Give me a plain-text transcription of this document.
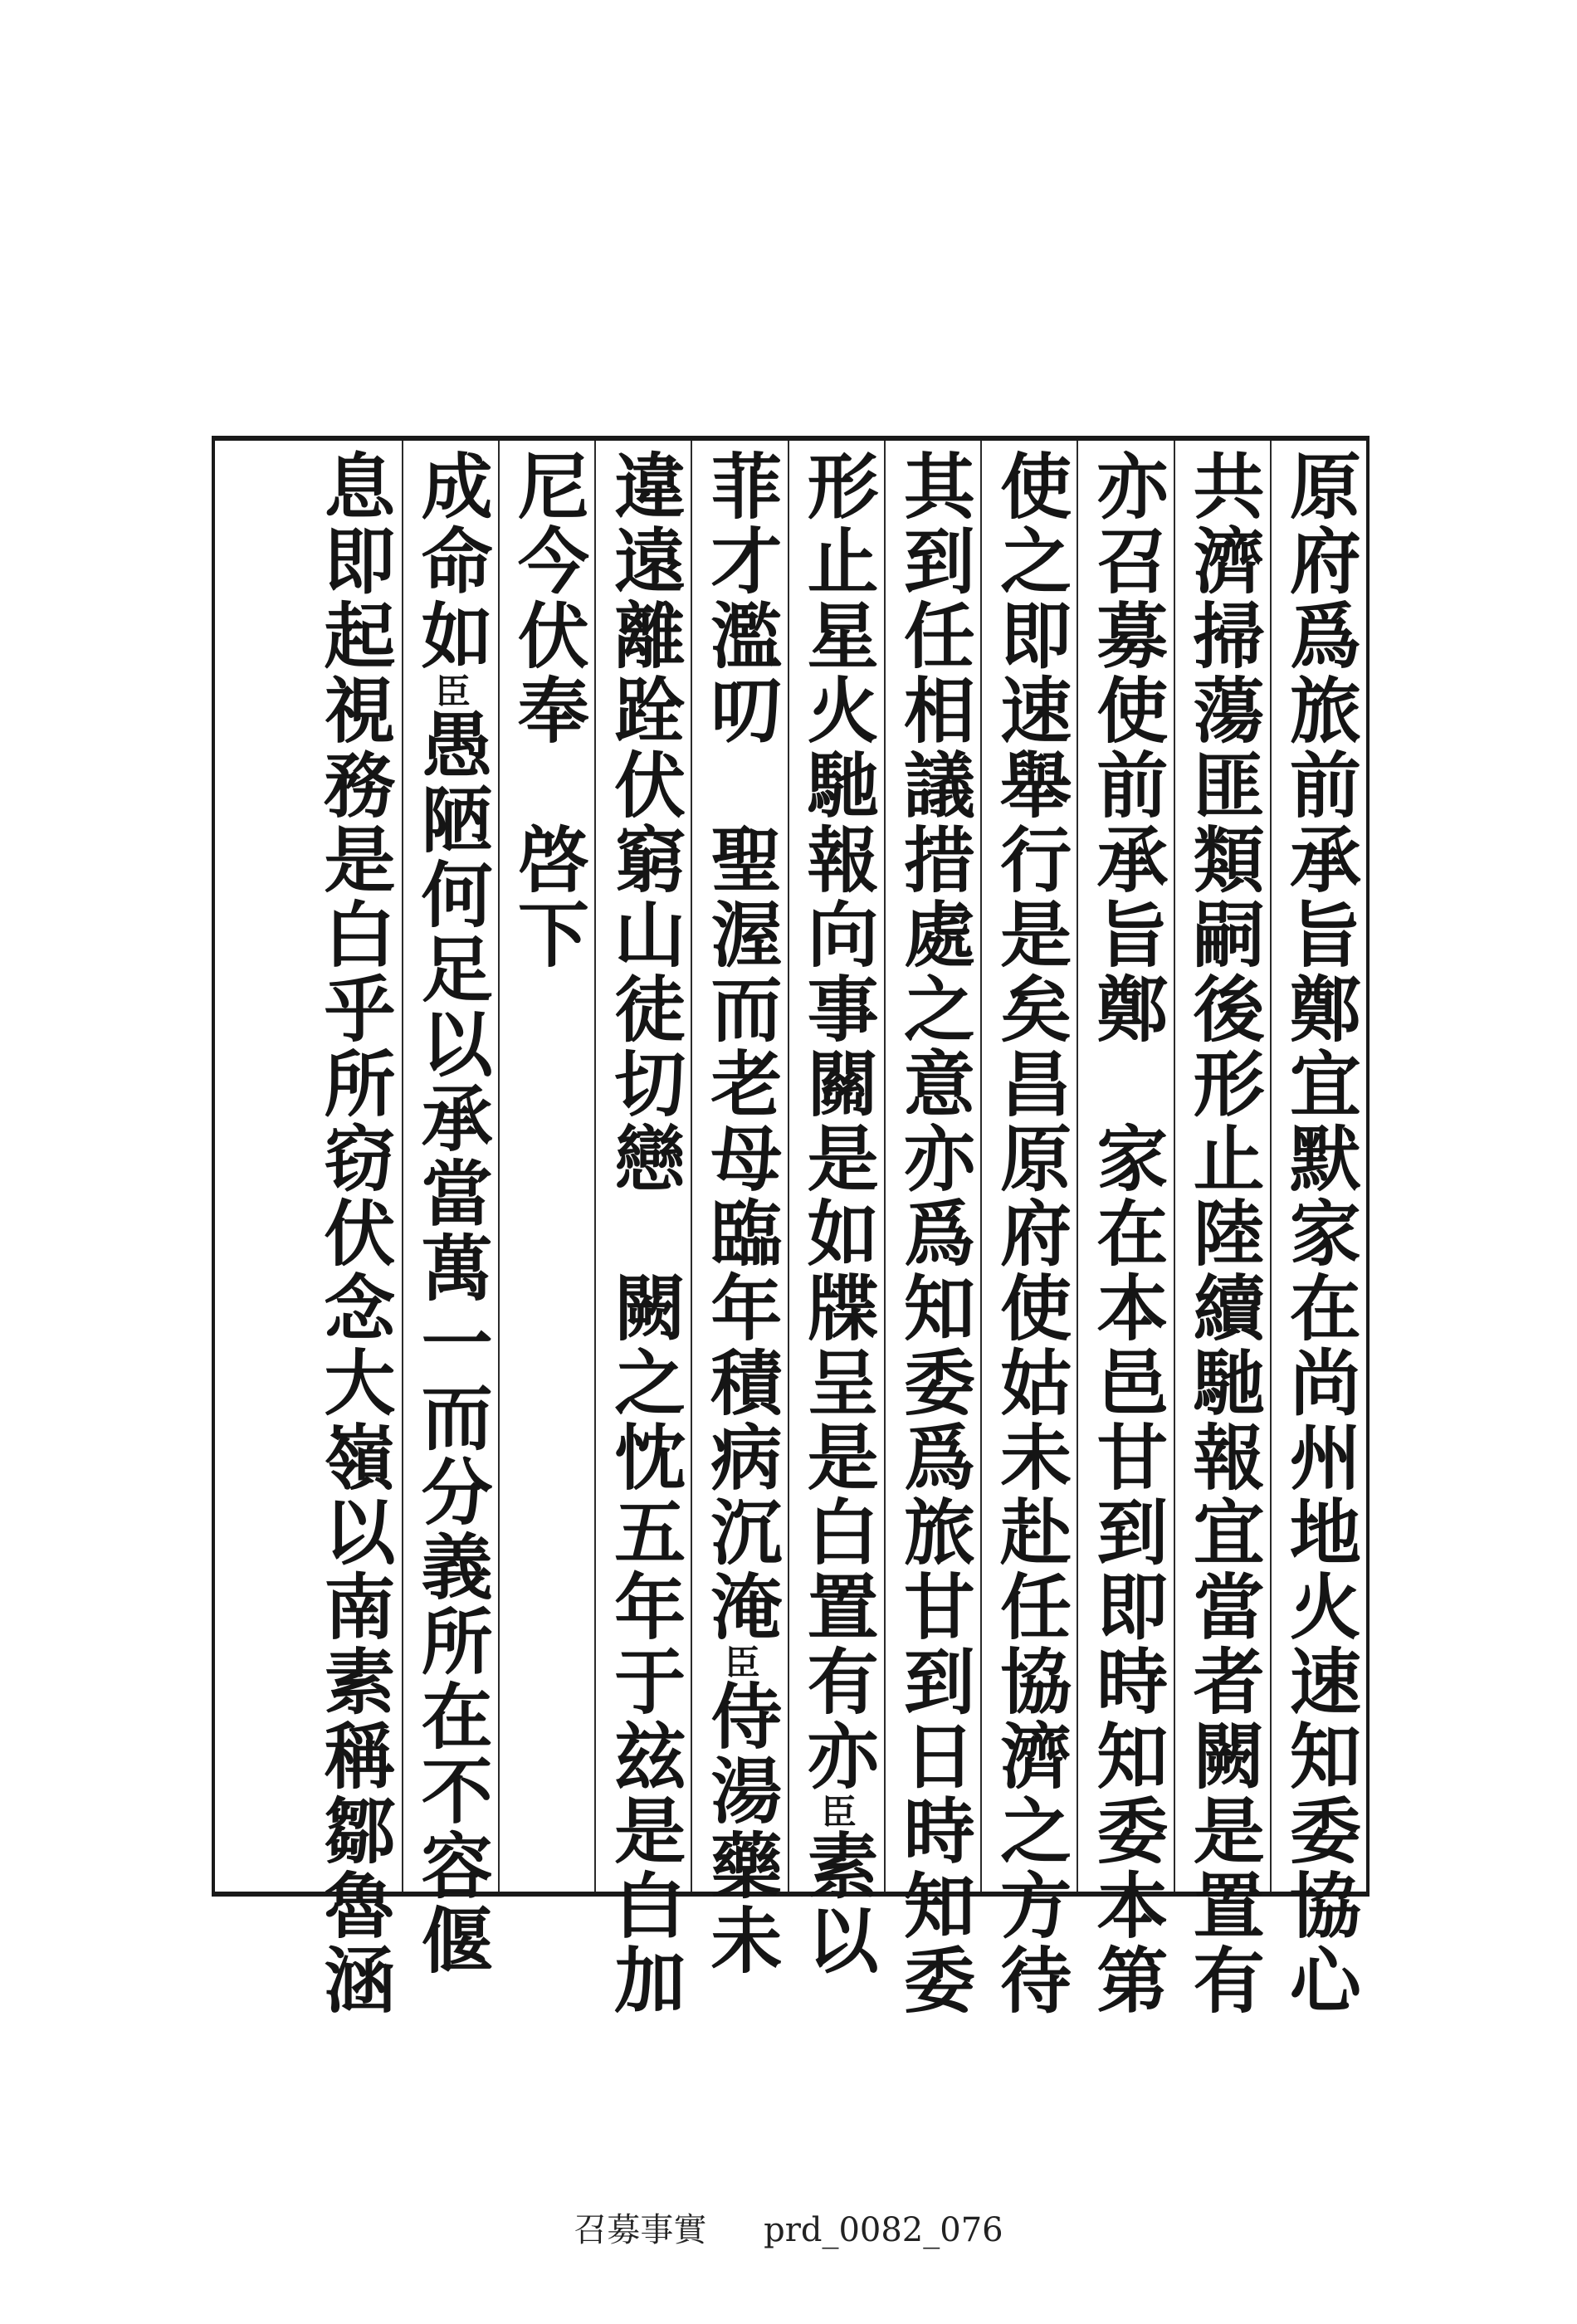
原府爲旅前承旨鄭宜默家在尚州地火速知委協心
共濟掃蕩匪類嗣後形止陸續馳報宜當者闕是置有
亦召募使前承旨鄭　家在本邑甘到即時知委本第
使之即速舉行是矣昌原府使姑未赴任協濟之方待
其到任相議措處之意亦爲知委爲旅甘到日時知委
形止星火馳報向事關是如牒呈是白置有亦臣素以
菲才濫叨　聖渥而老母臨年積病沉淹臣侍湯藥未
違遠離跧伏窮山徒切戀　闕之忱五年于玆是白加
尼今伏奉　啓下
成命如臣愚陋何足以承當萬一而分義所在不容偃
息即起視務是白乎所窃伏念大嶺以南素稱鄒魯涵
召募事實 prd_0082_076
